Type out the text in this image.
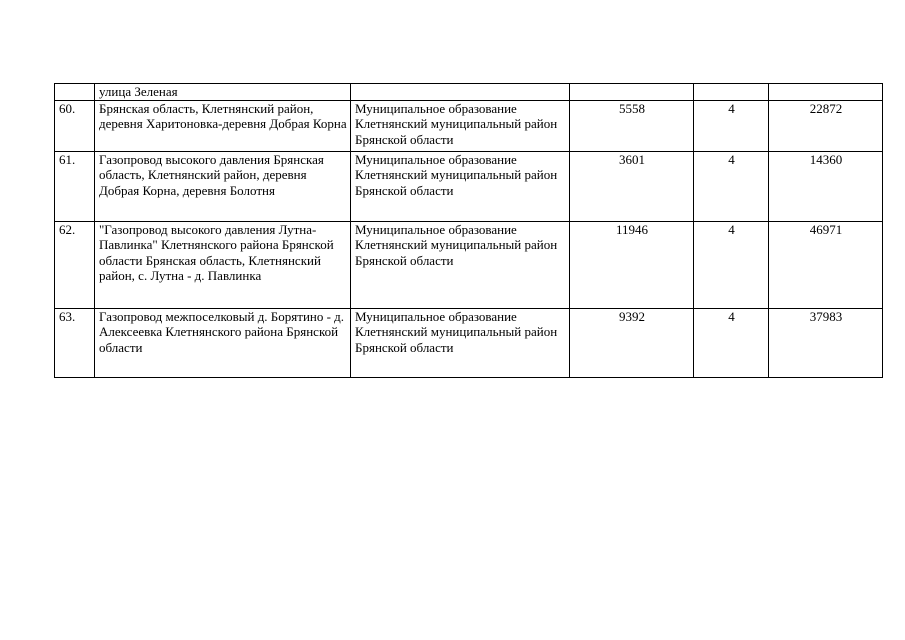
	улица Зеленая				
60.	Брянская область, Клетнянский район, деревня Харитоновка-деревня Добрая Корна	Муниципальное образование Клетнянский муниципальный район Брянской области	5558	4	22872
61.	Газопровод высокого давления Брянская область, Клетнянский район, деревня Добрая Корна, деревня Болотня	Муниципальное образование Клетнянский муниципальный район Брянской области	3601	4	14360
62.	"Газопровод высокого давления Лутна- Павлинка" Клетнянского района Брянской области Брянская область, Клетнянский район, с. Лутна - д. Павлинка	Муниципальное образование Клетнянский муниципальный район Брянской области	11946	4	46971
63.	Газопровод межпоселковый д. Борятино - д. Алексеевка Клетнянского района Брянской области	Муниципальное образование Клетнянский муниципальный район Брянской области	9392	4	37983
